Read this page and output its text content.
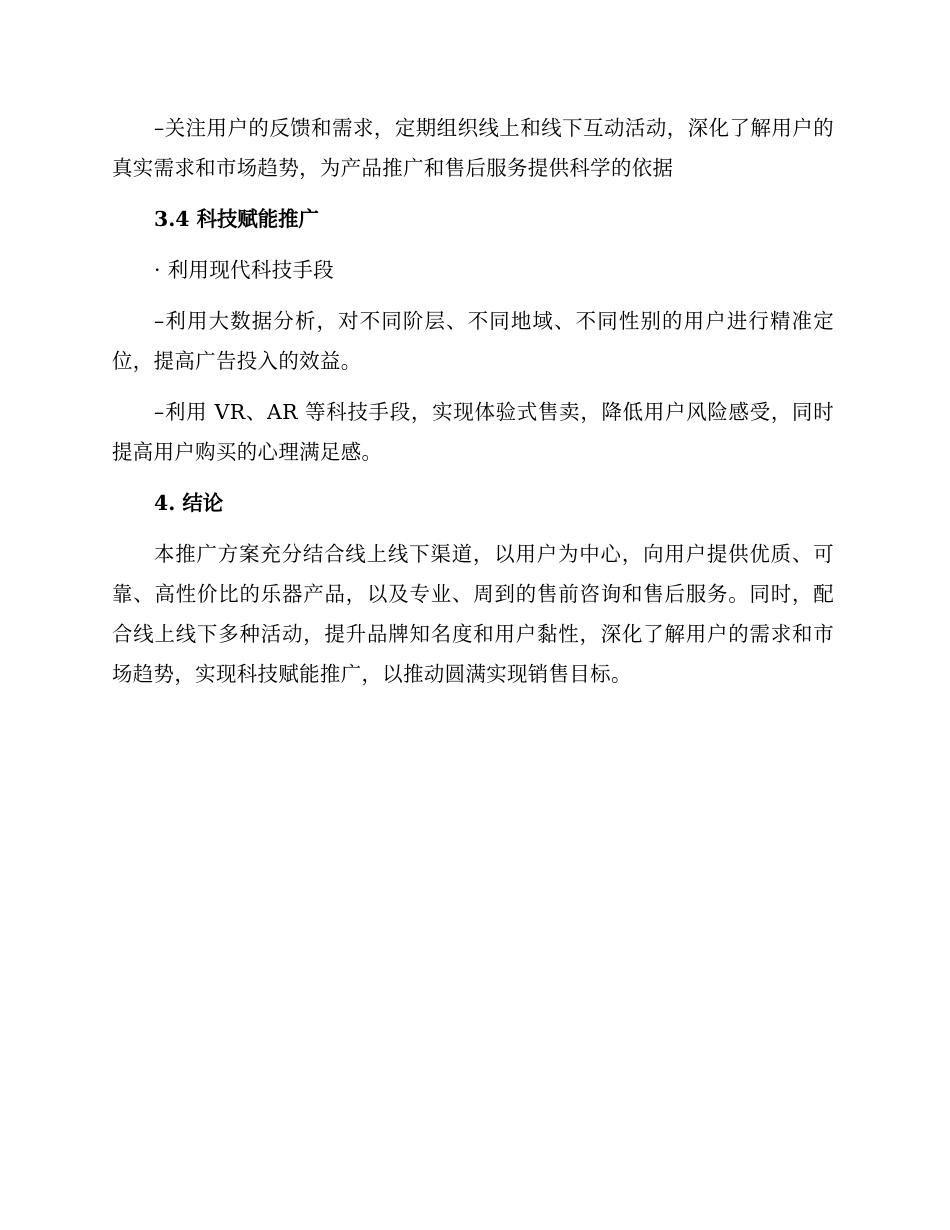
–关注用户的反馈和需求，定期组织线上和线下互动活动，深化了解用户的真实需求和市场趋势，为产品推广和售后服务提供科学的依据

3.4 科技赋能推广

· 利用现代科技手段

–利用大数据分析，对不同阶层、不同地域、不同性别的用户进行精准定位，提高广告投入的效益。

–利用 VR、AR 等科技手段，实现体验式售卖，降低用户风险感受，同时提高用户购买的心理满足感。

4. 结论

本推广方案充分结合线上线下渠道，以用户为中心，向用户提供优质、可靠、高性价比的乐器产品，以及专业、周到的售前咨询和售后服务。同时，配合线上线下多种活动，提升品牌知名度和用户黏性，深化了解用户的需求和市场趋势，实现科技赋能推广，以推动圆满实现销售目标。
